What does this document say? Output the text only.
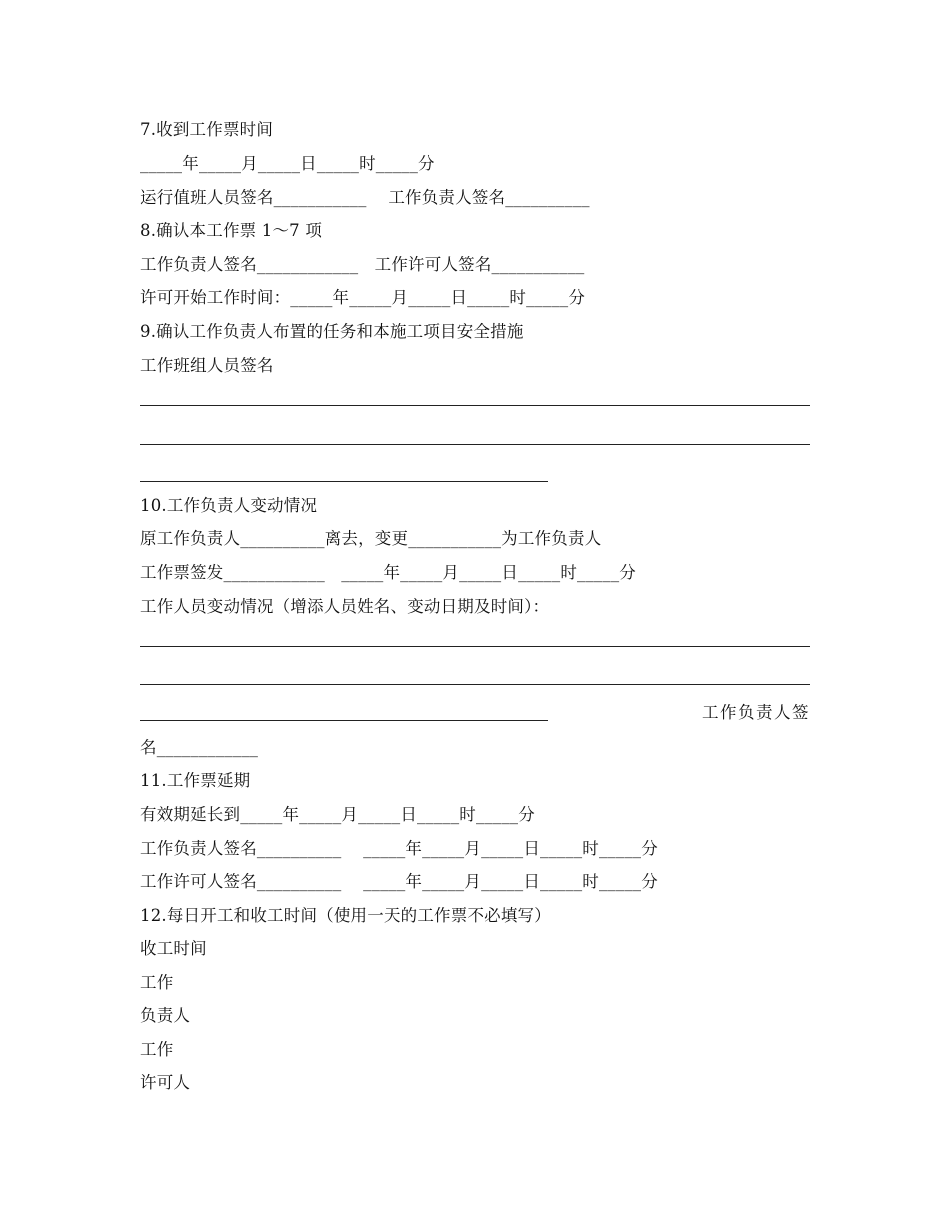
7.收到工作票时间
_____年_____月_____日_____时_____分
运行值班人员签名___________    工作负责人签名__________
8.确认本工作票 1～7 项
工作负责人签名____________   工作许可人签名___________
许可开始工作时间：_____年_____月_____日_____时_____分
9.确认工作负责人布置的任务和本施工项目安全措施
工作班组人员签名
10.工作负责人变动情况
原工作负责人__________离去，变更___________为工作负责人
工作票签发____________   _____年_____月_____日_____时_____分
工作人员变动情况（增添人员姓名、变动日期及时间）：
工作负责人签
名____________
11.工作票延期
有效期延长到_____年_____月_____日_____时_____分
工作负责人签名__________    _____年_____月_____日_____时_____分
工作许可人签名__________    _____年_____月_____日_____时_____分
12.每日开工和收工时间（使用一天的工作票不必填写）
收工时间
工作
负责人
工作
许可人
